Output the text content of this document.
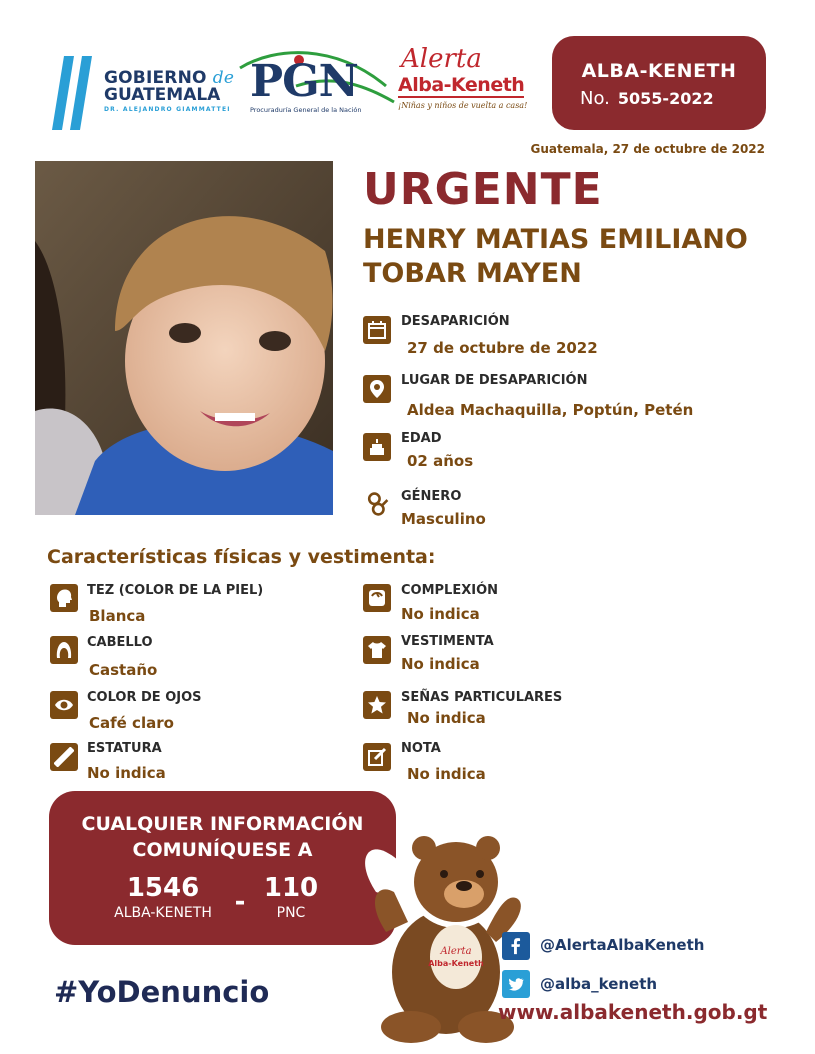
GOBIERNO de
GUATEMALA
DR. ALEJANDRO GIAMMATTEI
PGN
Procuraduría General de la Nación
Alerta
Alba-Keneth
¡Niñas y niños de vuelta a casa!
ALBA-KENETH
No. 5055-2022
Guatemala, 27 de octubre de 2022
URGENTE
HENRY MATIAS EMILIANO
TOBAR MAYEN
DESAPARICIÓN
27 de octubre de 2022
LUGAR DE DESAPARICIÓN
Aldea Machaquilla, Poptún, Petén
EDAD
02 años
GÉNERO
Masculino
Características físicas y vestimenta:
TEZ (COLOR DE LA PIEL)
Blanca
CABELLO
Castaño
COLOR DE OJOS
Café claro
ESTATURA
No indica
COMPLEXIÓN
No indica
VESTIMENTA
No indica
SEÑAS PARTICULARES
No indica
NOTA
No indica
CUALQUIER INFORMACIÓN
COMUNÍQUESE A
1546
ALBA-KENETH - 110
PNC
Alerta
Alba-Keneth
#YoDenuncio
@AlertaAlbaKeneth
@alba_keneth
www.albakeneth.gob.gt
